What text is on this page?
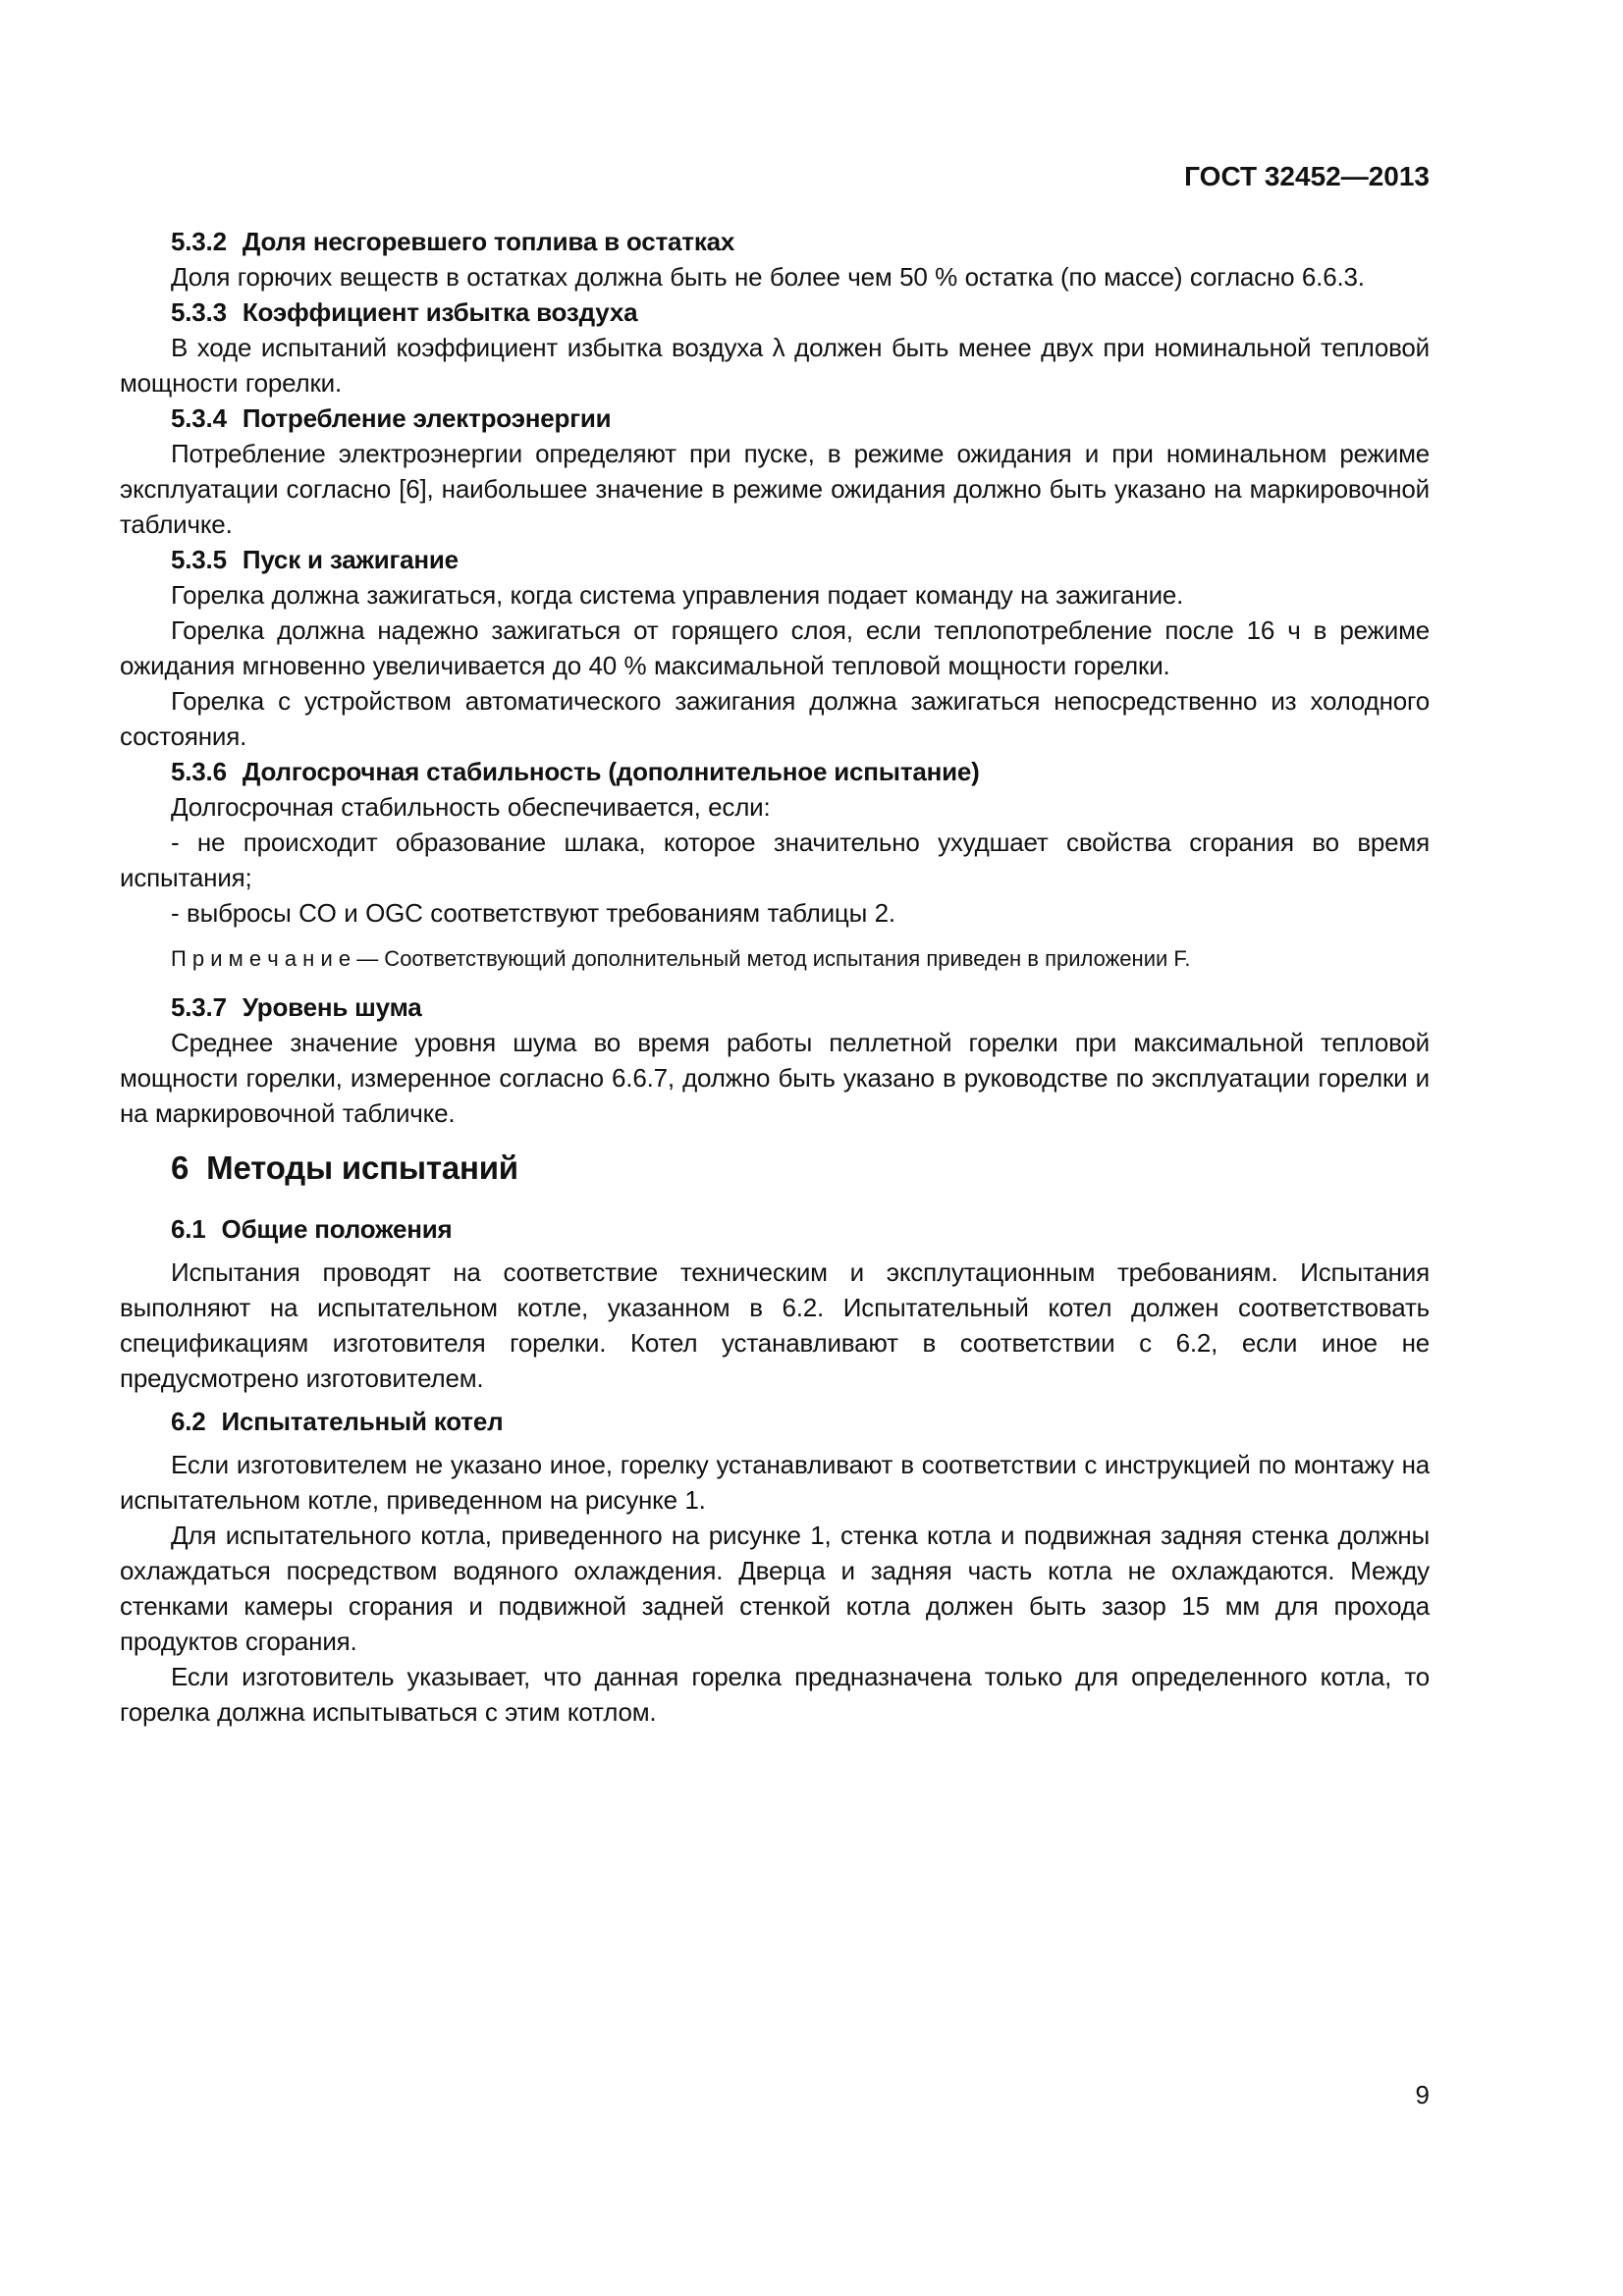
ГОСТ 32452—2013
5.3.2 Доля несгоревшего топлива в остатках

Доля горючих веществ в остатках должна быть не более чем 50 % остатка (по массе) согласно 6.6.3.

5.3.3 Коэффициент избытка воздуха

В ходе испытаний коэффициент избытка воздуха λ должен быть менее двух при номинальной тепловой мощности горелки.

5.3.4 Потребление электроэнергии

Потребление электроэнергии определяют при пуске, в режиме ожидания и при номинальном режиме эксплуатации согласно [6], наибольшее значение в режиме ожидания должно быть указано на маркировочной табличке.

5.3.5 Пуск и зажигание

Горелка должна зажигаться, когда система управления подает команду на зажигание.

Горелка должна надежно зажигаться от горящего слоя, если теплопотребление после 16 ч в режиме ожидания мгновенно увеличивается до 40 % максимальной тепловой мощности горелки.

Горелка с устройством автоматического зажигания должна зажигаться непосредственно из холодного состояния.

5.3.6 Долгосрочная стабильность (дополнительное испытание)

Долгосрочная стабильность обеспечивается, если:

- не происходит образование шлака, которое значительно ухудшает свойства сгорания во время испытания;

- выбросы CO и OGC соответствуют требованиям таблицы 2.

П р и м е ч а н и е — Соответствующий дополнительный метод испытания приведен в приложении F.

5.3.7 Уровень шума

Среднее значение уровня шума во время работы пеллетной горелки при максимальной тепловой мощности горелки, измеренное согласно 6.6.7, должно быть указано в руководстве по эксплуатации горелки и на маркировочной табличке.

6 Методы испытаний
6.1 Общие положения

Испытания проводят на соответствие техническим и эксплутационным требованиям. Испытания выполняют на испытательном котле, указанном в 6.2. Испытательный котел должен соответствовать спецификациям изготовителя горелки. Котел устанавливают в соответствии с 6.2, если иное не предусмотрено изготовителем.

6.2 Испытательный котел

Если изготовителем не указано иное, горелку устанавливают в соответствии с инструкцией по монтажу на испытательном котле, приведенном на рисунке 1.

Для испытательного котла, приведенного на рисунке 1, стенка котла и подвижная задняя стенка должны охлаждаться посредством водяного охлаждения. Дверца и задняя часть котла не охлаждаются. Между стенками камеры сгорания и подвижной задней стенкой котла должен быть зазор 15 мм для прохода продуктов сгорания.

Если изготовитель указывает, что данная горелка предназначена только для определенного котла, то горелка должна испытываться с этим котлом.

9
